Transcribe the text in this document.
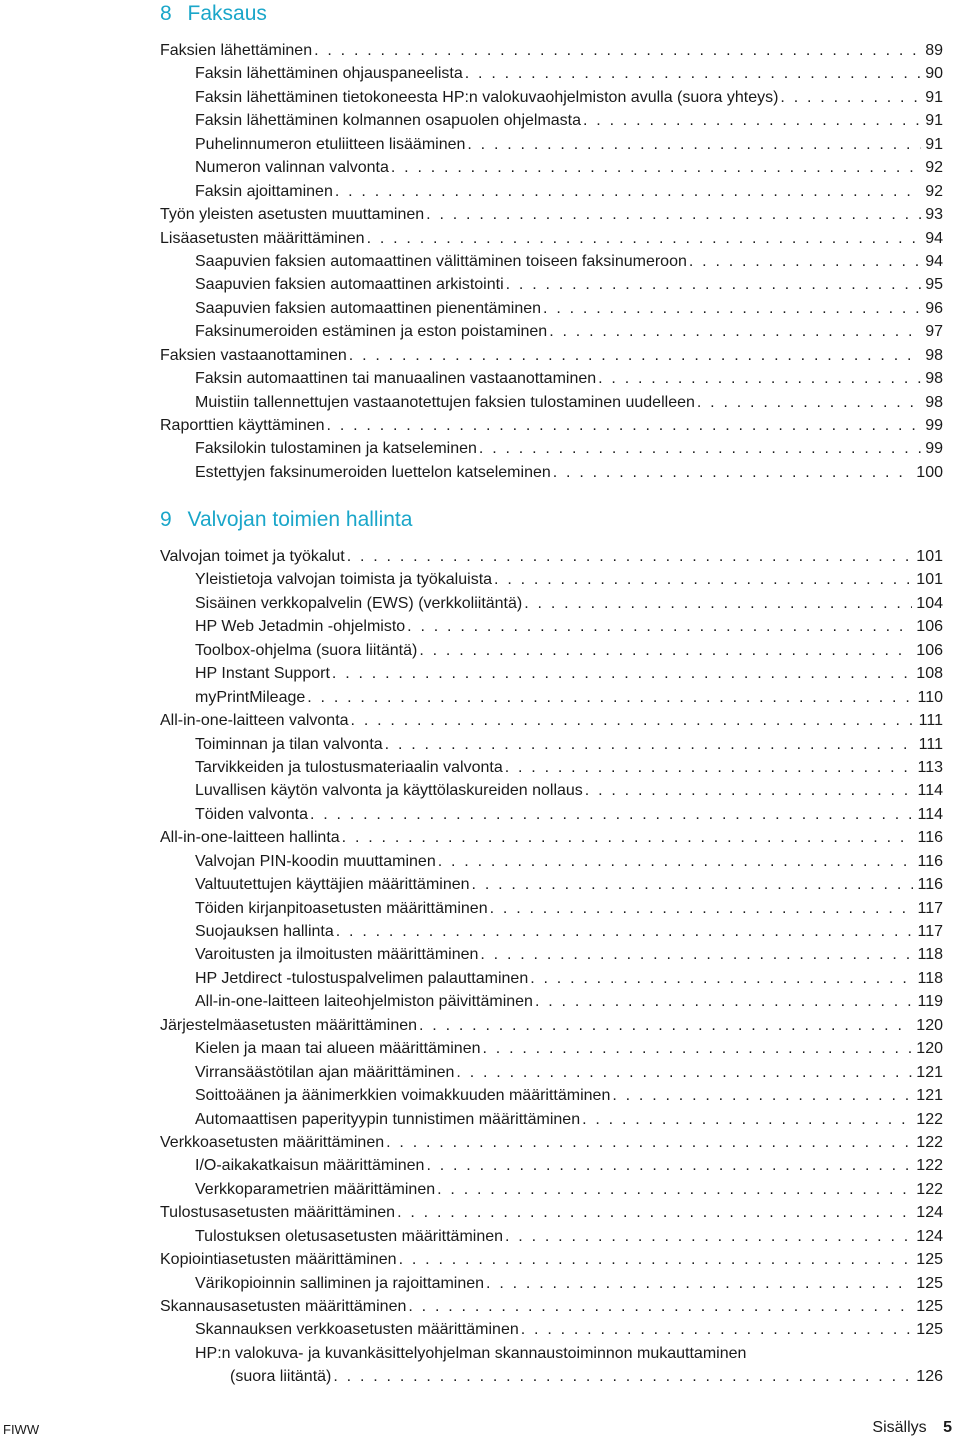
8 Faksaus
Faksien lähettäminen . . .	89
Faksin lähettäminen ohjauspaneelista . . .	90
Faksin lähettäminen tietokoneesta HP:n valokuvaohjelmiston avulla (suora yhteys) . . .	91
Faksin lähettäminen kolmannen osapuolen ohjelmasta . . .	91
Puhelinnumeron etuliitteen lisääminen . . .	91
Numeron valinnan valvonta . . .	92
Faksin ajoittaminen . . .	92
Työn yleisten asetusten muuttaminen . . .	93
Lisäasetusten määrittäminen . . .	94
Saapuvien faksien automaattinen välittäminen toiseen faksinumeroon . . .	94
Saapuvien faksien automaattinen arkistointi . . .	95
Saapuvien faksien automaattinen pienentäminen . . .	96
Faksinumeroiden estäminen ja eston poistaminen . . .	97
Faksien vastaanottaminen . . .	98
Faksin automaattinen tai manuaalinen vastaanottaminen . . .	98
Muistiin tallennettujen vastaanotettujen faksien tulostaminen uudelleen . . .	98
Raporttien käyttäminen . . .	99
Faksilokin tulostaminen ja katseleminen . . .	99
Estettyjen faksinumeroiden luettelon katseleminen . . .	100
9 Valvojan toimien hallinta
Valvojan toimet ja työkalut . . .	101
Yleistietoja valvojan toimista ja työkaluista . . .	101
Sisäinen verkkopalvelin (EWS) (verkkoliitäntä) . . .	104
HP Web Jetadmin -ohjelmisto . . .	106
Toolbox-ohjelma (suora liitäntä) . . .	106
HP Instant Support . . .	108
myPrintMileage . . .	110
All-in-one-laitteen valvonta . . .	111
Toiminnan ja tilan valvonta . . .	111
Tarvikkeiden ja tulostusmateriaalin valvonta . . .	113
Luvallisen käytön valvonta ja käyttölaskureiden nollaus . . .	114
Töiden valvonta . . .	114
All-in-one-laitteen hallinta . . .	116
Valvojan PIN-koodin muuttaminen . . .	116
Valtuutettujen käyttäjien määrittäminen . . .	116
Töiden kirjanpitoasetusten määrittäminen . . .	117
Suojauksen hallinta . . .	117
Varoitusten ja ilmoitusten määrittäminen . . .	118
HP Jetdirect -tulostuspalvelimen palauttaminen . . .	118
All-in-one-laitteen laiteohjelmiston päivittäminen . . .	119
Järjestelmäasetusten määrittäminen . . .	120
Kielen ja maan tai alueen määrittäminen . . .	120
Virransäästötilan ajan määrittäminen . . .	121
Soittoäänen ja äänimerkkien voimakkuuden määrittäminen . . .	121
Automaattisen paperityypin tunnistimen määrittäminen . . .	122
Verkkoasetusten määrittäminen . . .	122
I/O-aikakatkaisun määrittäminen . . .	122
Verkkoparametrien määrittäminen . . .	122
Tulostusasetusten määrittäminen . . .	124
Tulostuksen oletusasetusten määrittäminen . . .	124
Kopiointiasetusten määrittäminen . . .	125
Värikopioinnin salliminen ja rajoittaminen . . .	125
Skannausasetusten määrittäminen . . .	125
Skannauksen verkkoasetusten määrittäminen . . .	125
HP:n valokuva- ja kuvankäsittelyohjelman skannaustoiminnon mukauttaminen
(suora liitäntä) . . .	126
FIWW	Sisällys 5
